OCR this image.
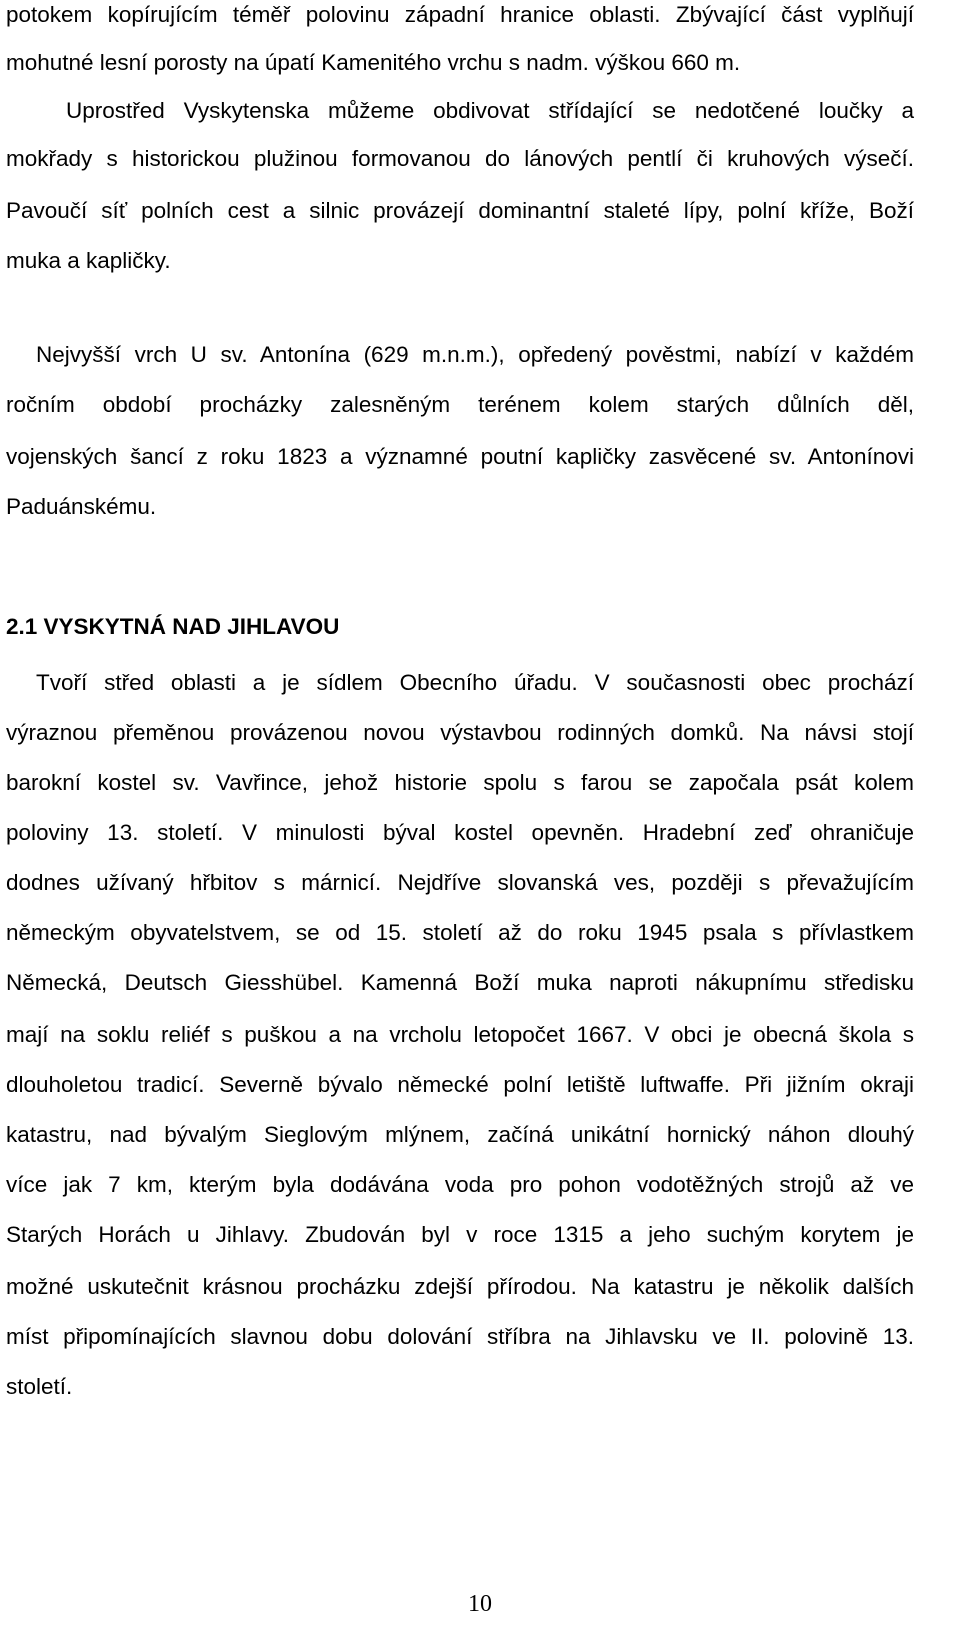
potokem kopírujícím téměř polovinu západní hranice oblasti. Zbývající část vyplňují
mohutné lesní porosty na úpatí Kamenitého vrchu s nadm. výškou 660 m.
Uprostřed Vyskytenska můžeme obdivovat střídající se nedotčené loučky a
mokřady s historickou plužinou formovanou do lánových pentlí či kruhových výsečí.
Pavoučí síť polních cest a silnic provázejí dominantní staleté lípy, polní kříže, Boží
muka a kapličky.
Nejvyšší vrch U sv. Antonína (629 m.n.m.), opředený pověstmi, nabízí v každém
ročním období procházky zalesněným terénem kolem starých důlních děl,
vojenských šancí z roku 1823 a významné poutní kapličky zasvěcené sv. Antonínovi
Paduánskému.
2.1 VYSKYTNÁ NAD JIHLAVOU
Tvoří střed oblasti a je sídlem Obecního úřadu. V současnosti obec prochází
výraznou přeměnou provázenou novou výstavbou rodinných domků. Na návsi stojí
barokní kostel sv. Vavřince, jehož historie spolu s farou se započala psát kolem
poloviny 13. století. V minulosti býval kostel opevněn. Hradební zeď ohraničuje
dodnes užívaný hřbitov s márnicí. Nejdříve slovanská ves, později s převažujícím
německým obyvatelstvem, se od 15. století až do roku 1945 psala s přívlastkem
Německá, Deutsch Giesshübel. Kamenná Boží muka naproti nákupnímu středisku
mají na soklu reliéf s puškou a na vrcholu letopočet 1667. V obci je obecná škola s
dlouholetou tradicí. Severně bývalo německé polní letiště luftwaffe. Při jižním okraji
katastru, nad bývalým Sieglovým mlýnem, začíná unikátní hornický náhon dlouhý
více jak 7 km, kterým byla dodávána voda pro pohon vodotěžných strojů až ve
Starých Horách u Jihlavy. Zbudován byl v roce 1315 a jeho suchým korytem je
možné uskutečnit krásnou procházku zdejší přírodou. Na katastru je několik dalších
míst připomínajících slavnou dobu dolování stříbra na Jihlavsku ve II. polovině 13.
století.
10
